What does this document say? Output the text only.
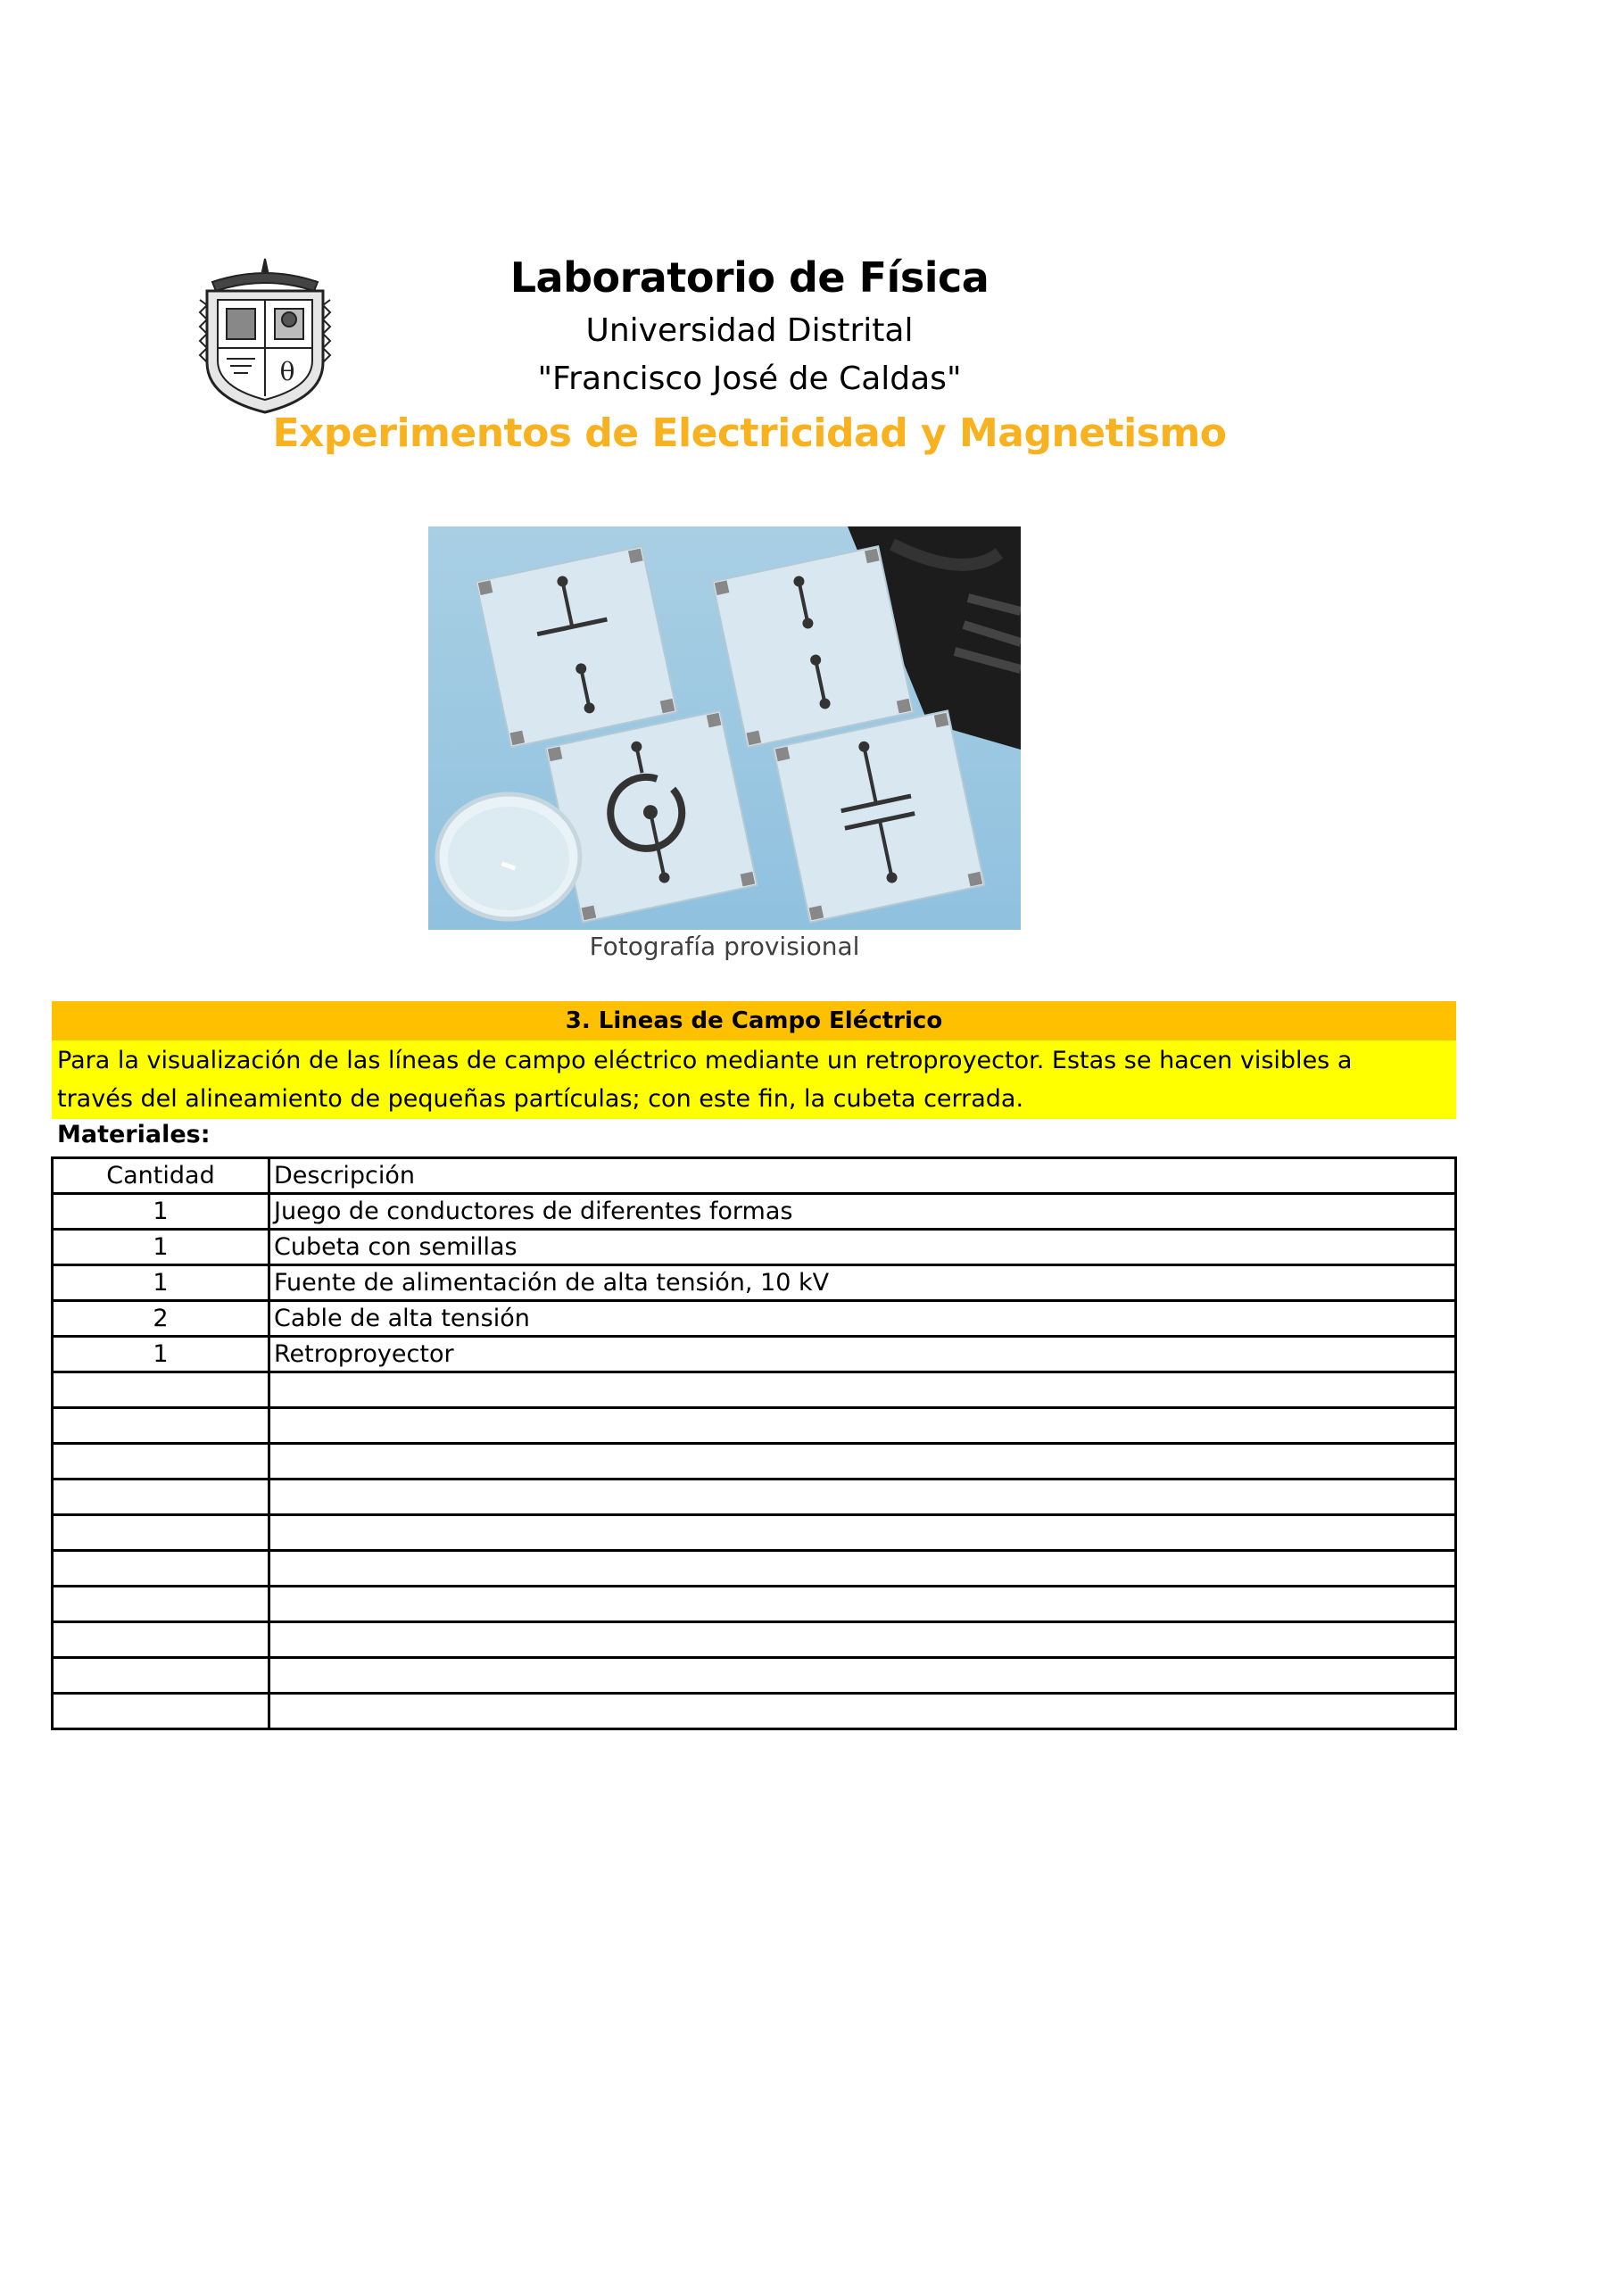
θ
Laboratorio de Física
Universidad Distrital
"Francisco José de Caldas"
Experimentos de Electricidad y Magnetismo
Fotografía provisional
3. Lineas de Campo Eléctrico
Para la visualización de las líneas de campo eléctrico mediante un retroproyector. Estas se hacen visibles a
través del alineamiento de pequeñas partículas; con este fin, la cubeta cerrada.
Materiales:
Cantidad	Descripción
1	Juego de conductores de diferentes formas
1	Cubeta con semillas
1	Fuente de alimentación de alta tensión, 10 kV
2	Cable de alta tensión
1	Retroproyector
